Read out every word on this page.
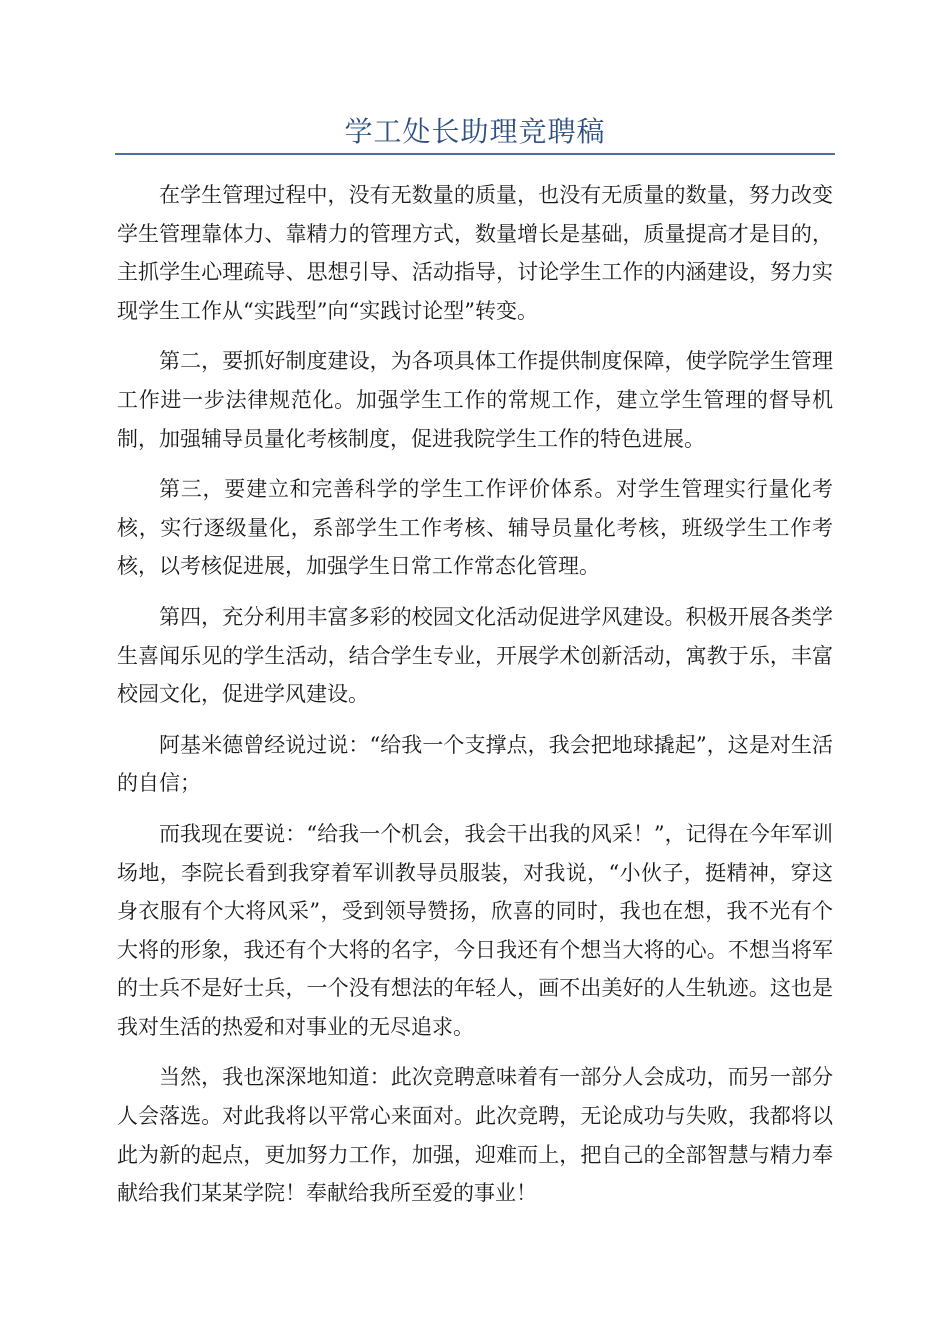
学工处长助理竞聘稿

在学生管理过程中，没有无数量的质量，也没有无质量的数量，努力改变学生管理靠体力、靠精力的管理方式，数量增长是基础，质量提高才是目的，主抓学生心理疏导、思想引导、活动指导，讨论学生工作的内涵建设，努力实现学生工作从“实践型”向“实践讨论型”转变。

第二，要抓好制度建设，为各项具体工作提供制度保障，使学院学生管理工作进一步法律规范化。加强学生工作的常规工作，建立学生管理的督导机制，加强辅导员量化考核制度，促进我院学生工作的特色进展。

第三，要建立和完善科学的学生工作评价体系。对学生管理实行量化考核，实行逐级量化，系部学生工作考核、辅导员量化考核，班级学生工作考核，以考核促进展，加强学生日常工作常态化管理。

第四，充分利用丰富多彩的校园文化活动促进学风建设。积极开展各类学生喜闻乐见的学生活动，结合学生专业，开展学术创新活动，寓教于乐，丰富校园文化，促进学风建设。

阿基米德曾经说过说：“给我一个支撑点，我会把地球撬起”，这是对生活的自信；

而我现在要说：“给我一个机会，我会干出我的风采！”，记得在今年军训场地，李院长看到我穿着军训教导员服装，对我说，“小伙子，挺精神，穿这身衣服有个大将风采”，受到领导赞扬，欣喜的同时，我也在想，我不光有个大将的形象，我还有个大将的名字，今日我还有个想当大将的心。不想当将军的士兵不是好士兵，一个没有想法的年轻人，画不出美好的人生轨迹。这也是我对生活的热爱和对事业的无尽追求。

当然，我也深深地知道：此次竞聘意味着有一部分人会成功，而另一部分人会落选。对此我将以平常心来面对。此次竞聘，无论成功与失败，我都将以此为新的起点，更加努力工作，加强，迎难而上，把自己的全部智慧与精力奉献给我们某某学院！奉献给我所至爱的事业！
